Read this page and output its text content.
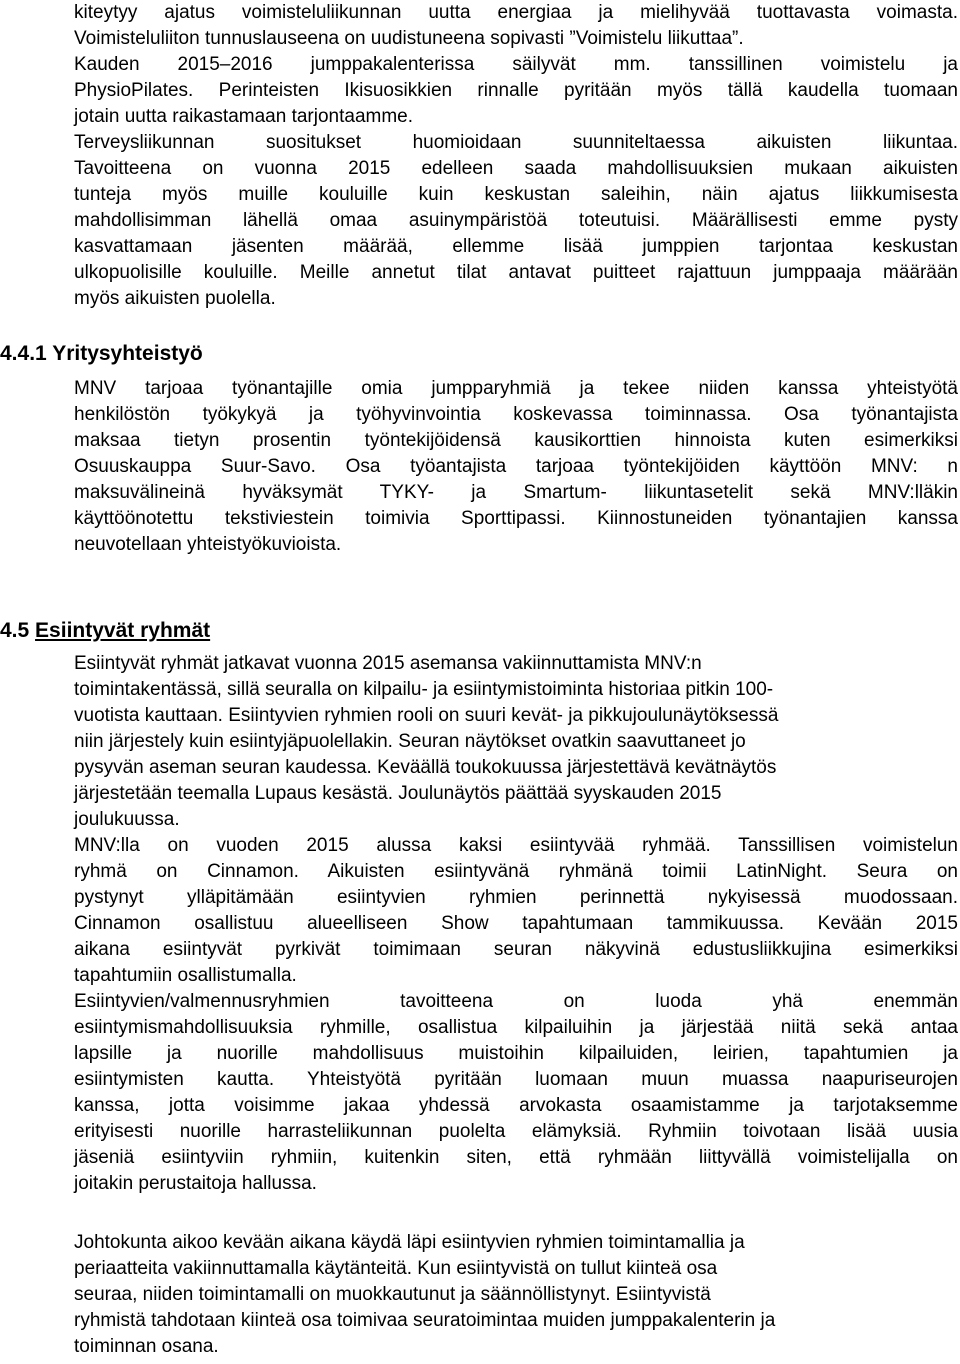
kiteytyy ajatus voimisteluliikunnan uutta energiaa ja mielihyvää tuottavasta voimasta.
Voimisteluliiton tunnuslauseena on uudistuneena sopivasti ”Voimistelu liikuttaa”.
Kauden 2015–2016 jumppakalenterissa säilyvät mm. tanssillinen voimistelu ja
PhysioPilates. Perinteisten Ikisuosikkien rinnalle pyritään myös tällä kaudella tuomaan
jotain uutta raikastamaan tarjontaamme.
Terveysliikunnan suositukset huomioidaan suunniteltaessa aikuisten liikuntaa.
Tavoitteena on vuonna 2015 edelleen saada mahdollisuuksien mukaan aikuisten
tunteja myös muille kouluille kuin keskustan saleihin, näin ajatus liikkumisesta
mahdollisimman lähellä omaa asuinympäristöä toteutuisi. Määrällisesti emme pysty
kasvattamaan jäsenten määrää, ellemme lisää jumppien tarjontaa keskustan
ulkopuolisille kouluille. Meille annetut tilat antavat puitteet rajattuun jumppaaja määrään
myös aikuisten puolella.
4.4.1 Yritysyhteistyö
MNV tarjoaa työnantajille omia jumpparyhmiä ja tekee niiden kanssa yhteistyötä
henkilöstön työkykyä ja työhyvinvointia koskevassa toiminnassa. Osa työnantajista
maksaa tietyn prosentin työntekijöidensä kausikorttien hinnoista kuten esimerkiksi
Osuuskauppa Suur-Savo. Osa työantajista tarjoaa työntekijöiden käyttöön MNV: n
maksuvälineinä hyväksymät TYKY- ja Smartum- liikuntasetelit sekä MNV:lläkin
käyttöönotettu tekstiviestein toimivia Sporttipassi. Kiinnostuneiden työnantajien kanssa
neuvotellaan yhteistyökuvioista.
4.5 Esiintyvät ryhmät
Esiintyvät ryhmät jatkavat vuonna 2015 asemansa vakiinnuttamista MNV:n
toimintakentässä, sillä seuralla on kilpailu- ja esiintymistoiminta historiaa pitkin 100-
vuotista kauttaan. Esiintyvien ryhmien rooli on suuri kevät- ja pikkujoulunäytöksessä
niin järjestely kuin esiintyjäpuolellakin. Seuran näytökset ovatkin saavuttaneet jo
pysyvän aseman seuran kaudessa. Keväällä toukokuussa järjestettävä kevätnäytös
järjestetään teemalla Lupaus kesästä. Joulunäytös päättää syyskauden 2015
joulukuussa.
MNV:lla on vuoden 2015 alussa kaksi esiintyvää ryhmää. Tanssillisen voimistelun
ryhmä on Cinnamon. Aikuisten esiintyvänä ryhmänä toimii LatinNight. Seura on
pystynyt ylläpitämään esiintyvien ryhmien perinnettä nykyisessä muodossaan.
Cinnamon osallistuu alueelliseen Show tapahtumaan tammikuussa. Kevään 2015
aikana esiintyvät pyrkivät toimimaan seuran näkyvinä edustusliikkujina esimerkiksi
tapahtumiin osallistumalla.
Esiintyvien/valmennusryhmien tavoitteena on luoda yhä enemmän
esiintymismahdollisuuksia ryhmille, osallistua kilpailuihin ja järjestää niitä sekä antaa
lapsille ja nuorille mahdollisuus muistoihin kilpailuiden, leirien, tapahtumien ja
esiintymisten kautta. Yhteistyötä pyritään luomaan muun muassa naapuriseurojen
kanssa, jotta voisimme jakaa yhdessä arvokasta osaamistamme ja tarjotaksemme
erityisesti nuorille harrasteliikunnan puolelta elämyksiä. Ryhmiin toivotaan lisää uusia
jäseniä esiintyviin ryhmiin, kuitenkin siten, että ryhmään liittyvällä voimistelijalla on
joitakin perustaitoja hallussa.
Johtokunta aikoo kevään aikana käydä läpi esiintyvien ryhmien toimintamallia ja
periaatteita vakiinnuttamalla käytänteitä. Kun esiintyvistä on tullut kiinteä osa
seuraa, niiden toimintamalli on muokkautunut ja säännöllistynyt. Esiintyvistä
ryhmistä tahdotaan kiinteä osa toimivaa seuratoimintaa muiden jumppakalenterin ja
toiminnan osana.
